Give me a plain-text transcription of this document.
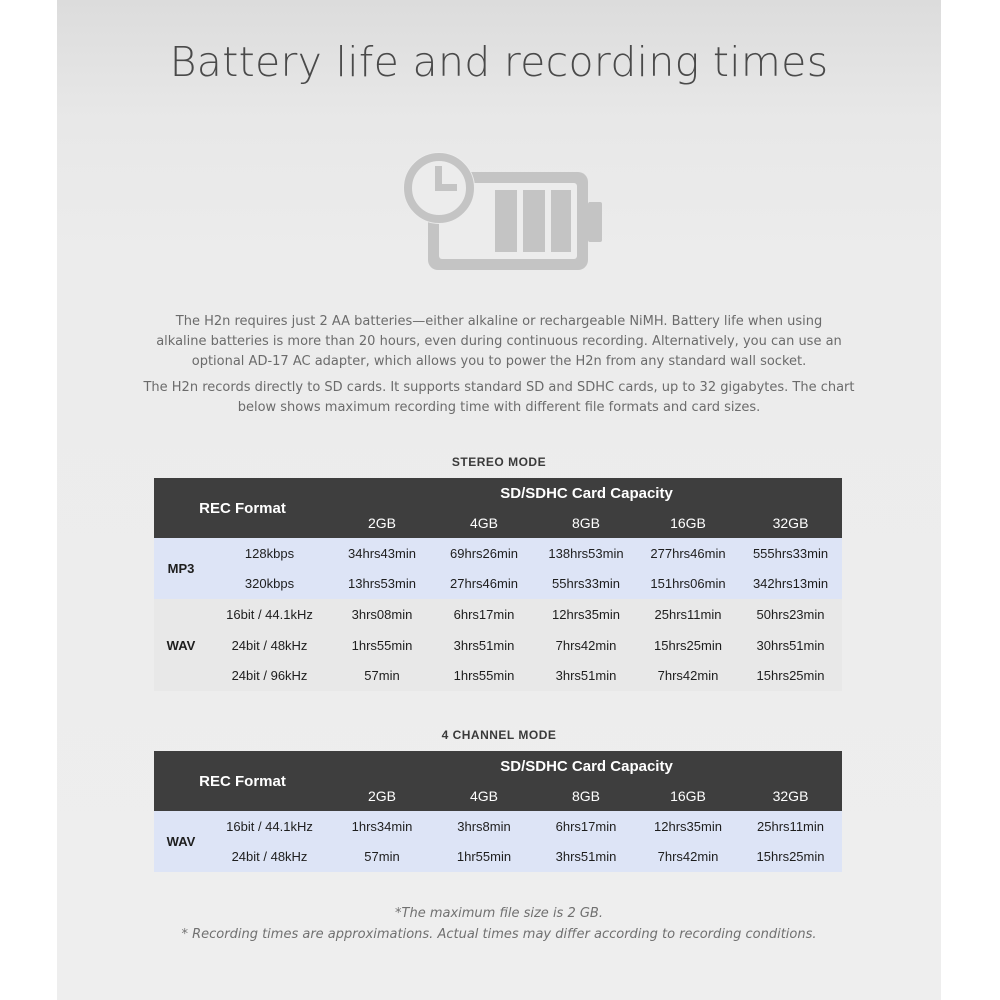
Battery life and recording times
The H2n requires just 2 AA batteries—either alkaline or rechargeable NiMH. Battery life when using
alkaline batteries is more than 20 hours, even during continuous recording. Alternatively, you can use an
optional AD-17 AC adapter, which allows you to power the H2n from any standard wall socket.
The H2n records directly to SD cards. It supports standard SD and SDHC cards, up to 32 gigabytes. The chart
below shows maximum recording time with different file formats and card sizes.
STEREO MODE
REC Format		SD/SDHC Card Capacity				
		2GB	4GB	8GB	16GB	32GB
MP3	128kbps	34hrs43min	69hrs26min	138hrs53min	277hrs46min	555hrs33min
	320kbps	13hrs53min	27hrs46min	55hrs33min	151hrs06min	342hrs13min
WAV	16bit / 44.1kHz	3hrs08min	6hrs17min	12hrs35min	25hrs11min	50hrs23min
	24bit / 48kHz	1hrs55min	3hrs51min	7hrs42min	15hrs25min	30hrs51min
	24bit / 96kHz	57min	1hrs55min	3hrs51min	7hrs42min	15hrs25min
4 CHANNEL MODE
REC Format		SD/SDHC Card Capacity				
		2GB	4GB	8GB	16GB	32GB
WAV	16bit / 44.1kHz	1hrs34min	3hrs8min	6hrs17min	12hrs35min	25hrs11min
	24bit / 48kHz	57min	1hr55min	3hrs51min	7hrs42min	15hrs25min
*The maximum file size is 2 GB.
* Recording times are approximations. Actual times may differ according to recording conditions.
